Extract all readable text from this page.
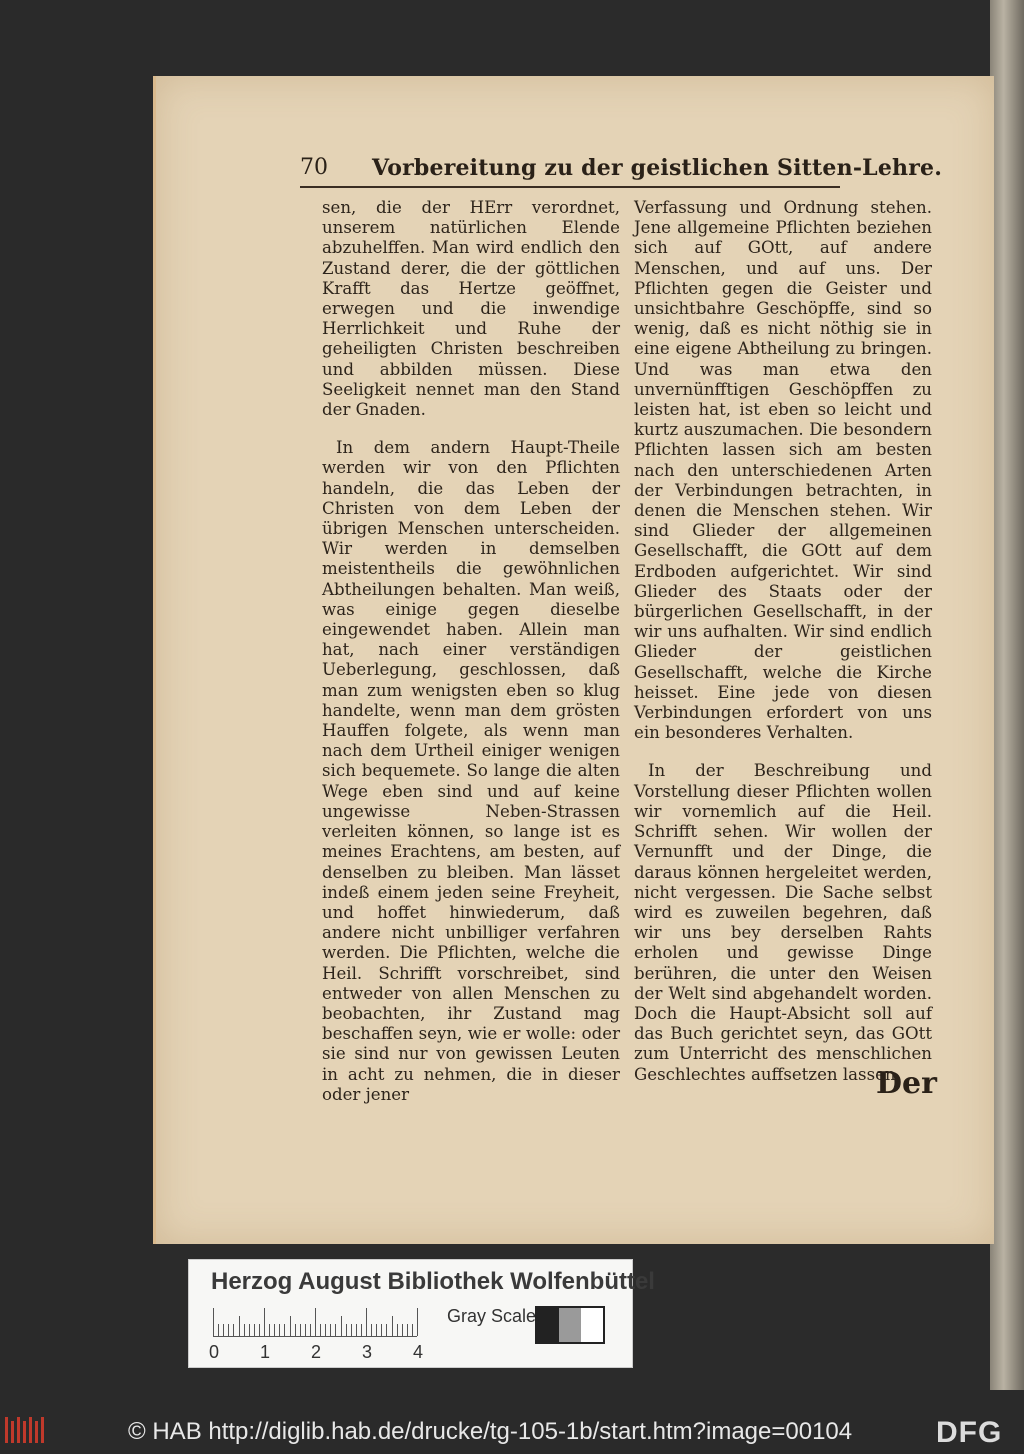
70 Vorbereitung zu der geistlichen Sitten-Lehre.

sen, die der HErr verordnet, unserem natürlichen Elende abzuhelffen. Man wird endlich den Zustand derer, die der göttlichen Krafft das Hertze geöffnet, erwegen und die inwendige Herrlichkeit und Ruhe der geheiligten Christen beschreiben und abbilden müssen. Diese Seeligkeit nennet man den Stand der Gnaden.

In dem andern Haupt-Theile werden wir von den Pflichten handeln, die das Leben der Christen von dem Leben der übrigen Menschen unterscheiden. Wir werden in demselben meistentheils die gewöhnlichen Abtheilungen behalten. Man weiß, was einige gegen dieselbe eingewendet haben. Allein man hat, nach einer verständigen Ueberlegung, geschlossen, daß man zum wenigsten eben so klug handelte, wenn man dem grösten Hauffen folgete, als wenn man nach dem Urtheil einiger wenigen sich bequemete. So lange die alten Wege eben sind und auf keine ungewisse Neben-Strassen verleiten können, so lange ist es meines Erachtens, am besten, auf denselben zu bleiben. Man lässet indeß einem jeden seine Freyheit, und hoffet hinwiederum, daß andere nicht unbilliger verfahren werden. Die Pflichten, welche die Heil. Schrifft vorschreibet, sind entweder von allen Menschen zu beobachten, ihr Zustand mag beschaffen seyn, wie er wolle: oder sie sind nur von gewissen Leuten in acht zu nehmen, die in dieser oder jener

Verfassung und Ordnung stehen. Jene allgemeine Pflichten beziehen sich auf GOtt, auf andere Menschen, und auf uns. Der Pflichten gegen die Geister und unsichtbahre Geschöpffe, sind so wenig, daß es nicht nöthig sie in eine eigene Abtheilung zu bringen. Und was man etwa den unvernünfftigen Geschöpffen zu leisten hat, ist eben so leicht und kurtz auszumachen. Die besondern Pflichten lassen sich am besten nach den unterschiedenen Arten der Verbindungen betrachten, in denen die Menschen stehen. Wir sind Glieder der allgemeinen Gesellschafft, die GOtt auf dem Erdboden aufgerichtet. Wir sind Glieder des Staats oder der bürgerlichen Gesellschafft, in der wir uns aufhalten. Wir sind endlich Glieder der geistlichen Gesellschafft, welche die Kirche heisset. Eine jede von diesen Verbindungen erfordert von uns ein besonderes Verhalten.

In der Beschreibung und Vorstellung dieser Pflichten wollen wir vornemlich auf die Heil. Schrifft sehen. Wir wollen der Vernunfft und der Dinge, die daraus können hergeleitet werden, nicht vergessen. Die Sache selbst wird es zuweilen begehren, daß wir uns bey derselben Rahts erholen und gewisse Dinge berühren, die unter den Weisen der Welt sind abgehandelt worden. Doch die Haupt-Absicht soll auf das Buch gerichtet seyn, das GOtt zum Unterricht des menschlichen Geschlechtes auffsetzen lassen.

Der
Herzog August Bibliothek Wolfenbüttel
0 1 2 3 4
Gray Scale
© HAB http://diglib.hab.de/drucke/tg-105-1b/start.htm?image=00104	DFG
